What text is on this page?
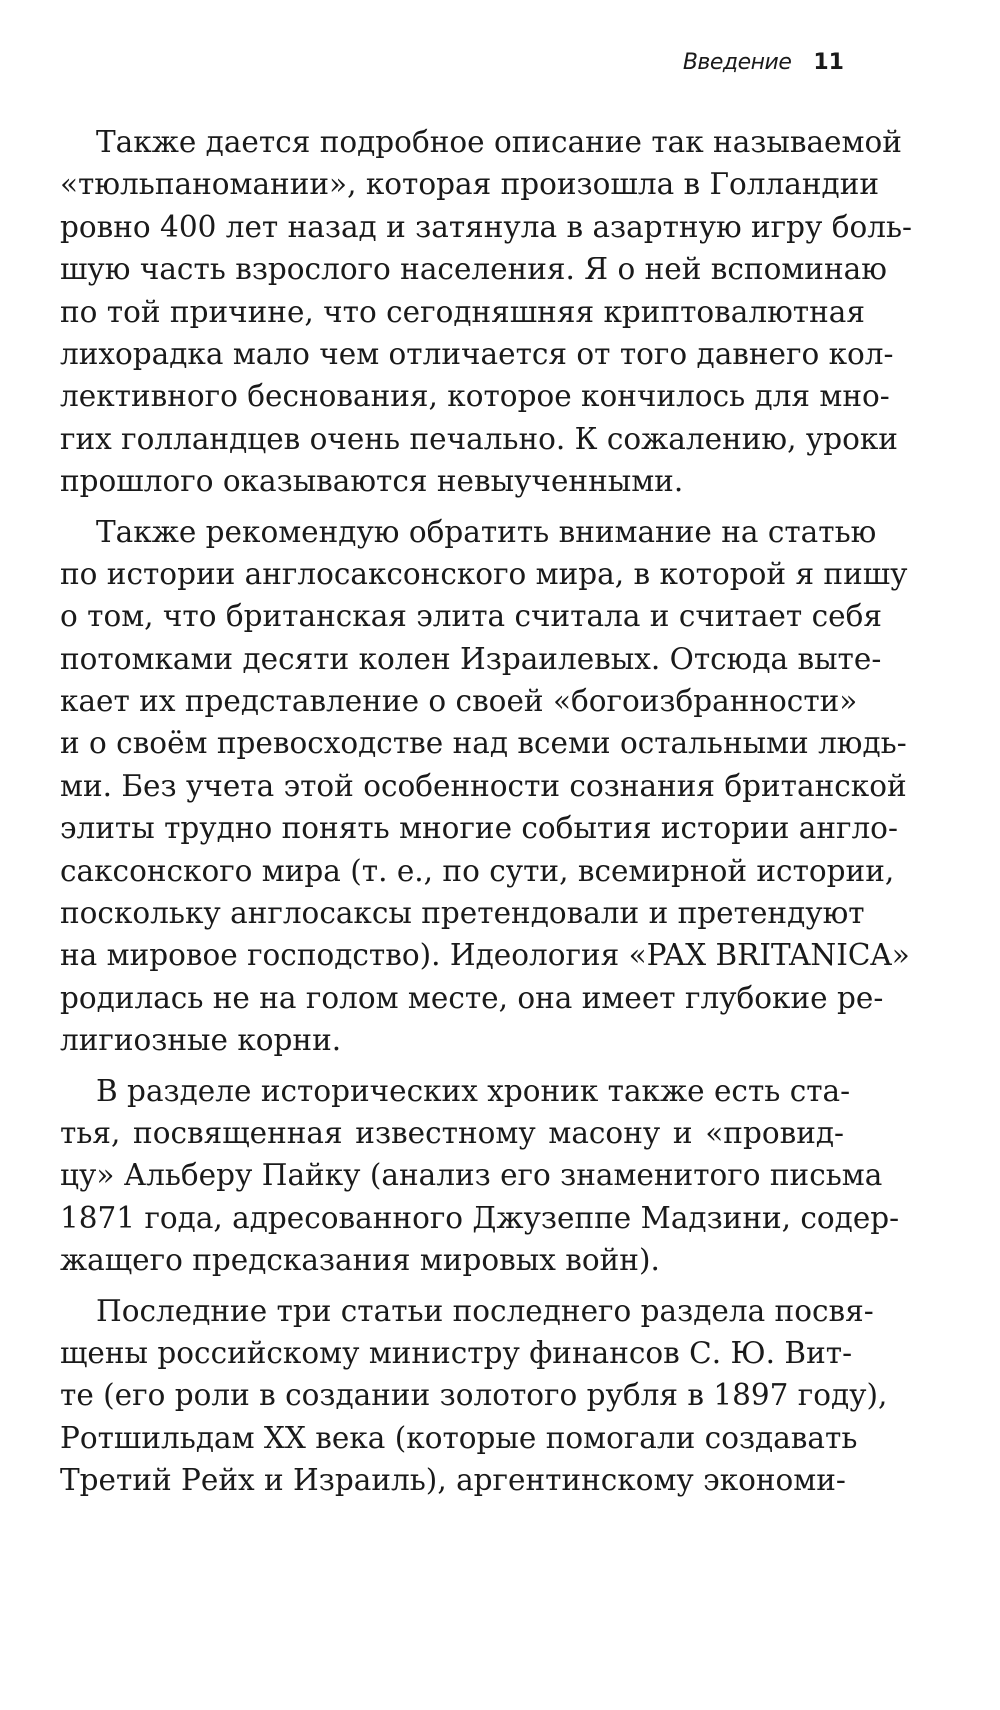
Введение 11
Также дается подробное описание так называемой
«тюльпаномании», которая произошла в Голландии
ровно 400 лет назад и затянула в азартную игру боль-
шую часть взрослого населения. Я о ней вспоминаю
по той причине, что сегодняшняя криптовалютная
лихорадка мало чем отличается от того давнего кол-
лективного беснования, которое кончилось для мно-
гих голландцев очень печально. К сожалению, уроки
прошлого оказываются невыученными.
Также рекомендую обратить внимание на статью
по истории англосаксонского мира, в которой я пишу
о том, что британская элита считала и считает себя
потомками десяти колен Израилевых. Отсюда выте-
кает их представление о своей «богоизбранности»
и о своём превосходстве над всеми остальными людь-
ми. Без учета этой особенности сознания британской
элиты трудно понять многие события истории англо-
саксонского мира (т. е., по сути, всемирной истории,
поскольку англосаксы претендовали и претендуют
на мировое господство). Идеология «PAX BRITANICA»
родилась не на голом месте, она имеет глубокие ре-
лигиозные корни.
В разделе исторических хроник также есть ста-
тья, посвященная известному масону и «провид-
цу» Альберу Пайку (анализ его знаменитого письма
1871 года, адресованного Джузеппе Мадзини, содер-
жащего предсказания мировых войн).
Последние три статьи последнего раздела посвя-
щены российскому министру финансов С. Ю. Вит-
те (его роли в создании золотого рубля в 1897 году),
Ротшильдам XX века (которые помогали создавать
Третий Рейх и Израиль), аргентинскому экономи-
